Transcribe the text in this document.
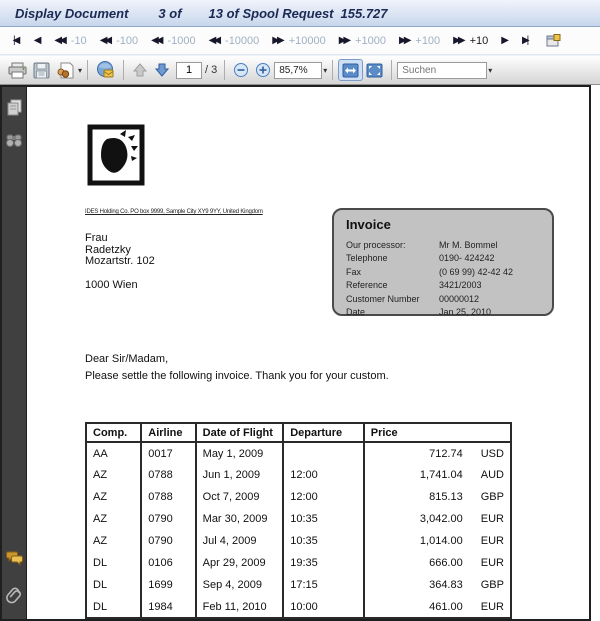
Display Document 3 of 13 of Spool Request 155.727
|◀	◀	◀◀ -10 ◀◀ -100 ◀◀ -1000 ◀◀ -10000 ▶▶ +10000 ▶▶ +1000 ▶▶ +100 ▶▶ +10 ▶	▶|
▾
1	/ 3	85,7%	▾
Suchen	▾
IDES Holding Co. PO box 9999, Sample City XY9 9YY, United Kingdom
Frau
Radetzky
Mozartstr. 102
1000 Wien
Invoice
Our processor:	Mr M. Bommel
Telephone	0190- 424242
Fax	(0 69 99) 42-42 42
Reference	3421/2003
Customer Number	00000012
Date	Jan 25, 2010
Dear Sir/Madam,
Please settle the following invoice. Thank you for your custom.
Comp.	Airline	Date of Flight	Departure	Price
AA	0017	May 1, 2009		712.74 USD

AZ	0788	Jun 1, 2009	12:00	1,741.04 AUD

AZ	0788	Oct 7, 2009	12:00	815.13 GBP

AZ	0790	Mar 30, 2009	10:35	3,042.00 EUR

AZ	0790	Jul 4, 2009	10:35	1,014.00 EUR

DL	0106	Apr 29, 2009	19:35	666.00 EUR

DL	1699	Sep 4, 2009	17:15	364.83 GBP

DL	1984	Feb 11, 2010	10:00	461.00 EUR
